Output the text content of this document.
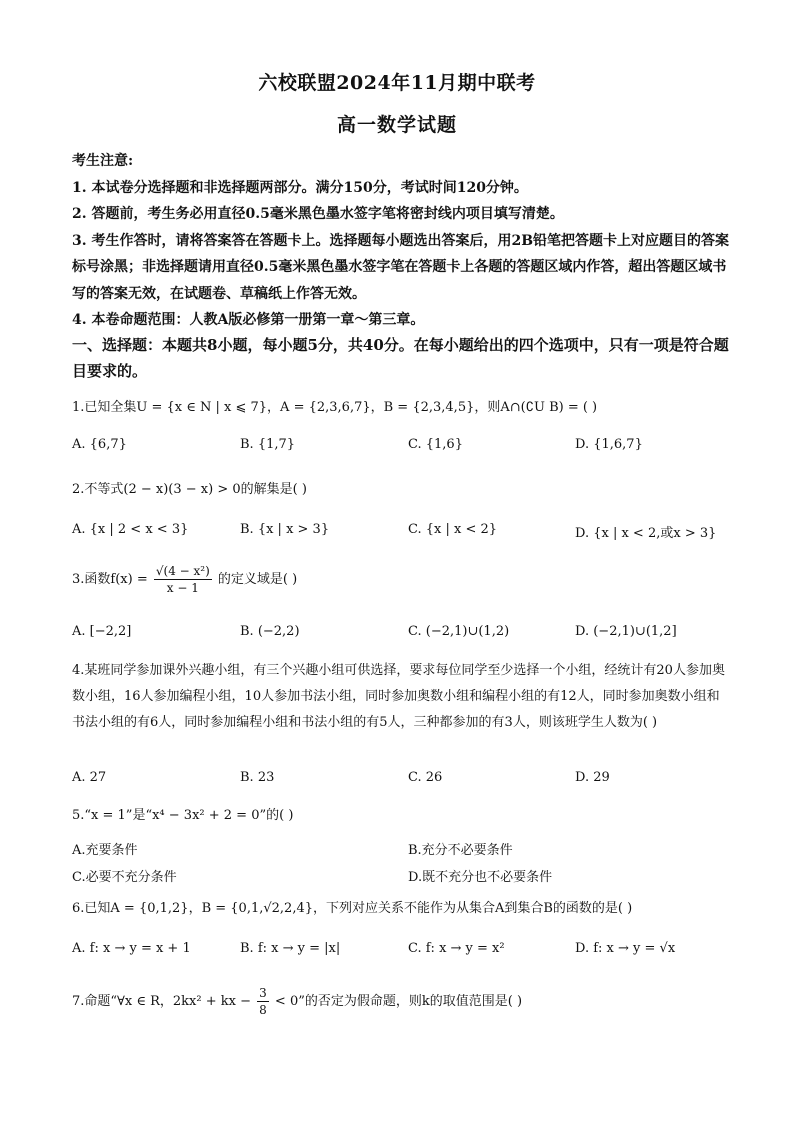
六校联盟2024年11月期中联考
高一数学试题

考生注意:

1. 本试卷分选择题和非选择题两部分。满分150分，考试时间120分钟。

2. 答题前，考生务必用直径0.5毫米黑色墨水签字笔将密封线内项目填写清楚。

3. 考生作答时，请将答案答在答题卡上。选择题每小题选出答案后，用2B铅笔把答题卡上对应题目的答案标号涂黑；非选择题请用直径0.5毫米黑色墨水签字笔在答题卡上各题的答题区域内作答，超出答题区域书写的答案无效，在试题卷、草稿纸上作答无效。

4. 本卷命题范围：人教A版必修第一册第一章～第三章。

一、选择题：本题共8小题，每小题5分，共40分。在每小题给出的四个选项中，只有一项是符合题目要求的。

1.已知全集U = {x ∈ N | x ⩽ 7}，A = {2,3,6,7}，B = {2,3,4,5}，则A∩(∁U B) = ( )

A. {6,7}	B. {1,7}	C. {1,6}	D. {1,6,7}

2.不等式(2 − x)(3 − x) > 0的解集是( )

A. {x | 2 < x < 3}	B. {x | x > 3}	C. {x | x < 2}	D. {x | x < 2,或x > 3}

3.函数$f(x) = \frac{\text{√(4 − x²)}}{x - 1}$ 的定义域是( )

A. [−2,2]	B. (−2,2)	C. (−2,1)∪(1,2)	D. (−2,1)∪(1,2]

4.某班同学参加课外兴趣小组，有三个兴趣小组可供选择，要求每位同学至少选择一个小组，经统计有20人参加奥数小组，16人参加编程小组，10人参加书法小组，同时参加奥数小组和编程小组的有12人，同时参加奥数小组和书法小组的有6人，同时参加编程小组和书法小组的有5人，三种都参加的有3人，则该班学生人数为( )

A. 27	B. 23	C. 26	D. 29

5.“x = 1”是“x⁴ − 3x² + 2 = 0”的( )

A.充要条件	B.充分不必要条件
C.必要不充分条件	D.既不充分也不必要条件

6.已知A = {0,1,2}，B = {0,1,√2,2,4}，下列对应关系不能作为从集合A到集合B的函数的是( )

A. f: x → y = x + 1	B. f: x → y = |x|	C. f: x → y = x²	D. f: x → y = √x

7.命题“∀x ∈ R，2kx² + kx − $\frac{3}{8} < 0$”的否定为假命题，则k的取值范围是( )
